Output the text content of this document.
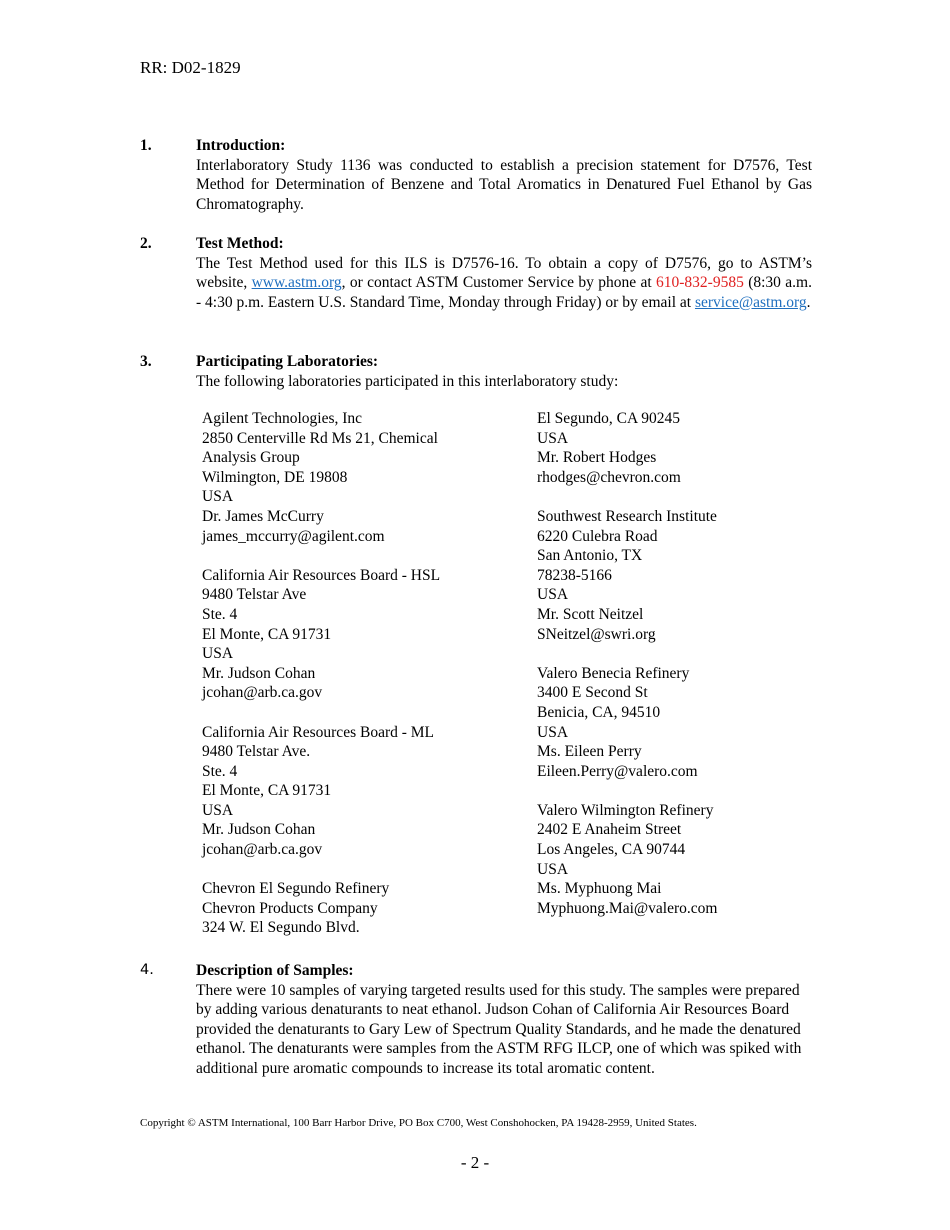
RR: D02-1829
1.	Introduction:
Interlaboratory Study 1136 was conducted to establish a precision statement for D7576, Test Method for Determination of Benzene and Total Aromatics in Denatured Fuel Ethanol by Gas Chromatography.
2.	Test Method:
The Test Method used for this ILS is D7576-16. To obtain a copy of D7576, go to ASTM’s website, www.astm.org, or contact ASTM Customer Service by phone at 610-832-9585 (8:30 a.m. - 4:30 p.m. Eastern U.S. Standard Time, Monday through Friday) or by email at service@astm.org.
3.	Participating Laboratories:
The following laboratories participated in this interlaboratory study:
Agilent Technologies, Inc
2850 Centerville Rd Ms 21, Chemical
Analysis Group
Wilmington, DE 19808
USA
Dr. James McCurry
james_mccurry@agilent.com
California Air Resources Board - HSL
9480 Telstar Ave
Ste. 4
El Monte, CA 91731
USA
Mr. Judson Cohan
jcohan@arb.ca.gov
California Air Resources Board - ML
9480 Telstar Ave.
Ste. 4
El Monte, CA 91731
USA
Mr. Judson Cohan
jcohan@arb.ca.gov
Chevron El Segundo Refinery
Chevron Products Company
324 W. El Segundo Blvd.
El Segundo, CA 90245
USA
Mr. Robert Hodges
rhodges@chevron.com
Southwest Research Institute
6220 Culebra Road
San Antonio, TX
78238-5166
USA
Mr. Scott Neitzel
SNeitzel@swri.org
Valero Benecia Refinery
3400 E Second St
Benicia, CA, 94510
USA
Ms. Eileen Perry
Eileen.Perry@valero.com
Valero Wilmington Refinery
2402 E Anaheim Street
Los Angeles, CA 90744
USA
Ms. Myphuong Mai
Myphuong.Mai@valero.com
4.	Description of Samples:
There were 10 samples of varying targeted results used for this study. The samples were prepared by adding various denaturants to neat ethanol. Judson Cohan of California Air Resources Board provided the denaturants to Gary Lew of Spectrum Quality Standards, and he made the denatured ethanol. The denaturants were samples from the ASTM RFG ILCP, one of which was spiked with additional pure aromatic compounds to increase its total aromatic content.
Copyright © ASTM International, 100 Barr Harbor Drive, PO Box C700, West Conshohocken, PA 19428-2959, United States.
- 2 -
